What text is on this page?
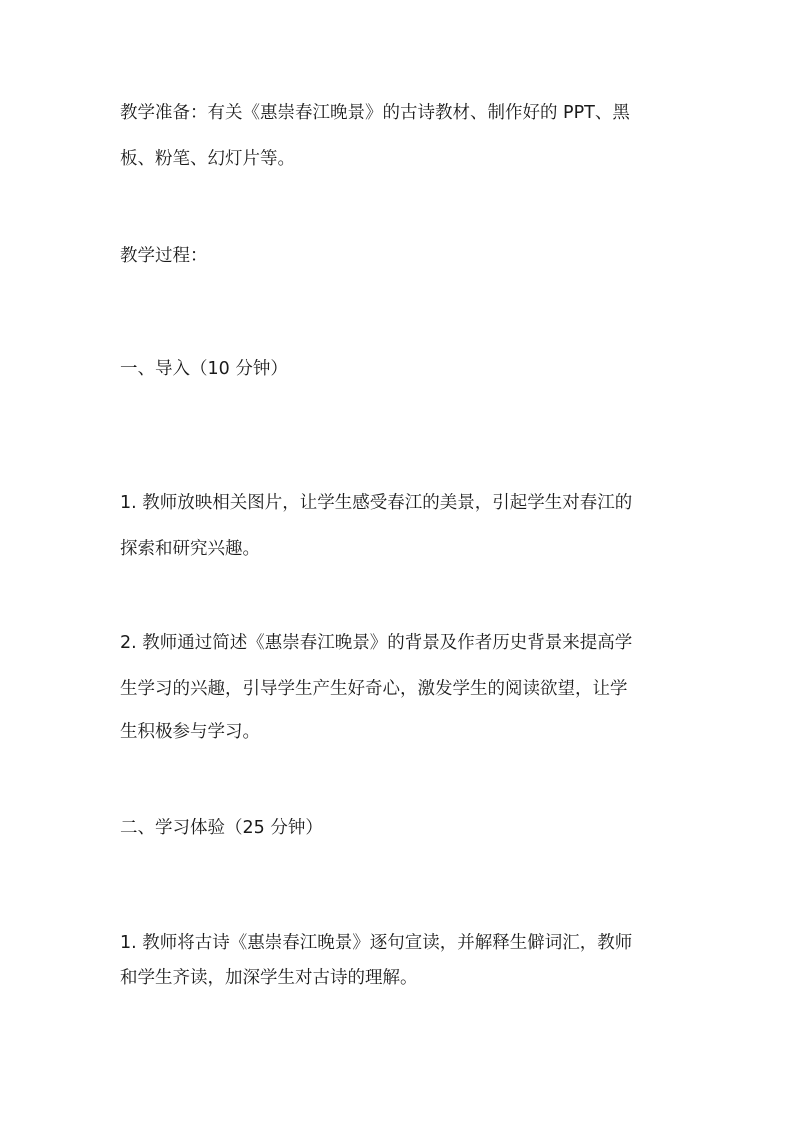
教学准备：有关《惠崇春江晚景》的古诗教材、制作好的 PPT、黑
板、粉笔、幻灯片等。
教学过程：
一、导入（10 分钟）
1. 教师放映相关图片，让学生感受春江的美景，引起学生对春江的
探索和研究兴趣。
2. 教师通过简述《惠崇春江晚景》的背景及作者历史背景来提高学
生学习的兴趣，引导学生产生好奇心，激发学生的阅读欲望，让学
生积极参与学习。
二、学习体验（25 分钟）
1. 教师将古诗《惠崇春江晚景》逐句宣读，并解释生僻词汇，教师
和学生齐读，加深学生对古诗的理解。
